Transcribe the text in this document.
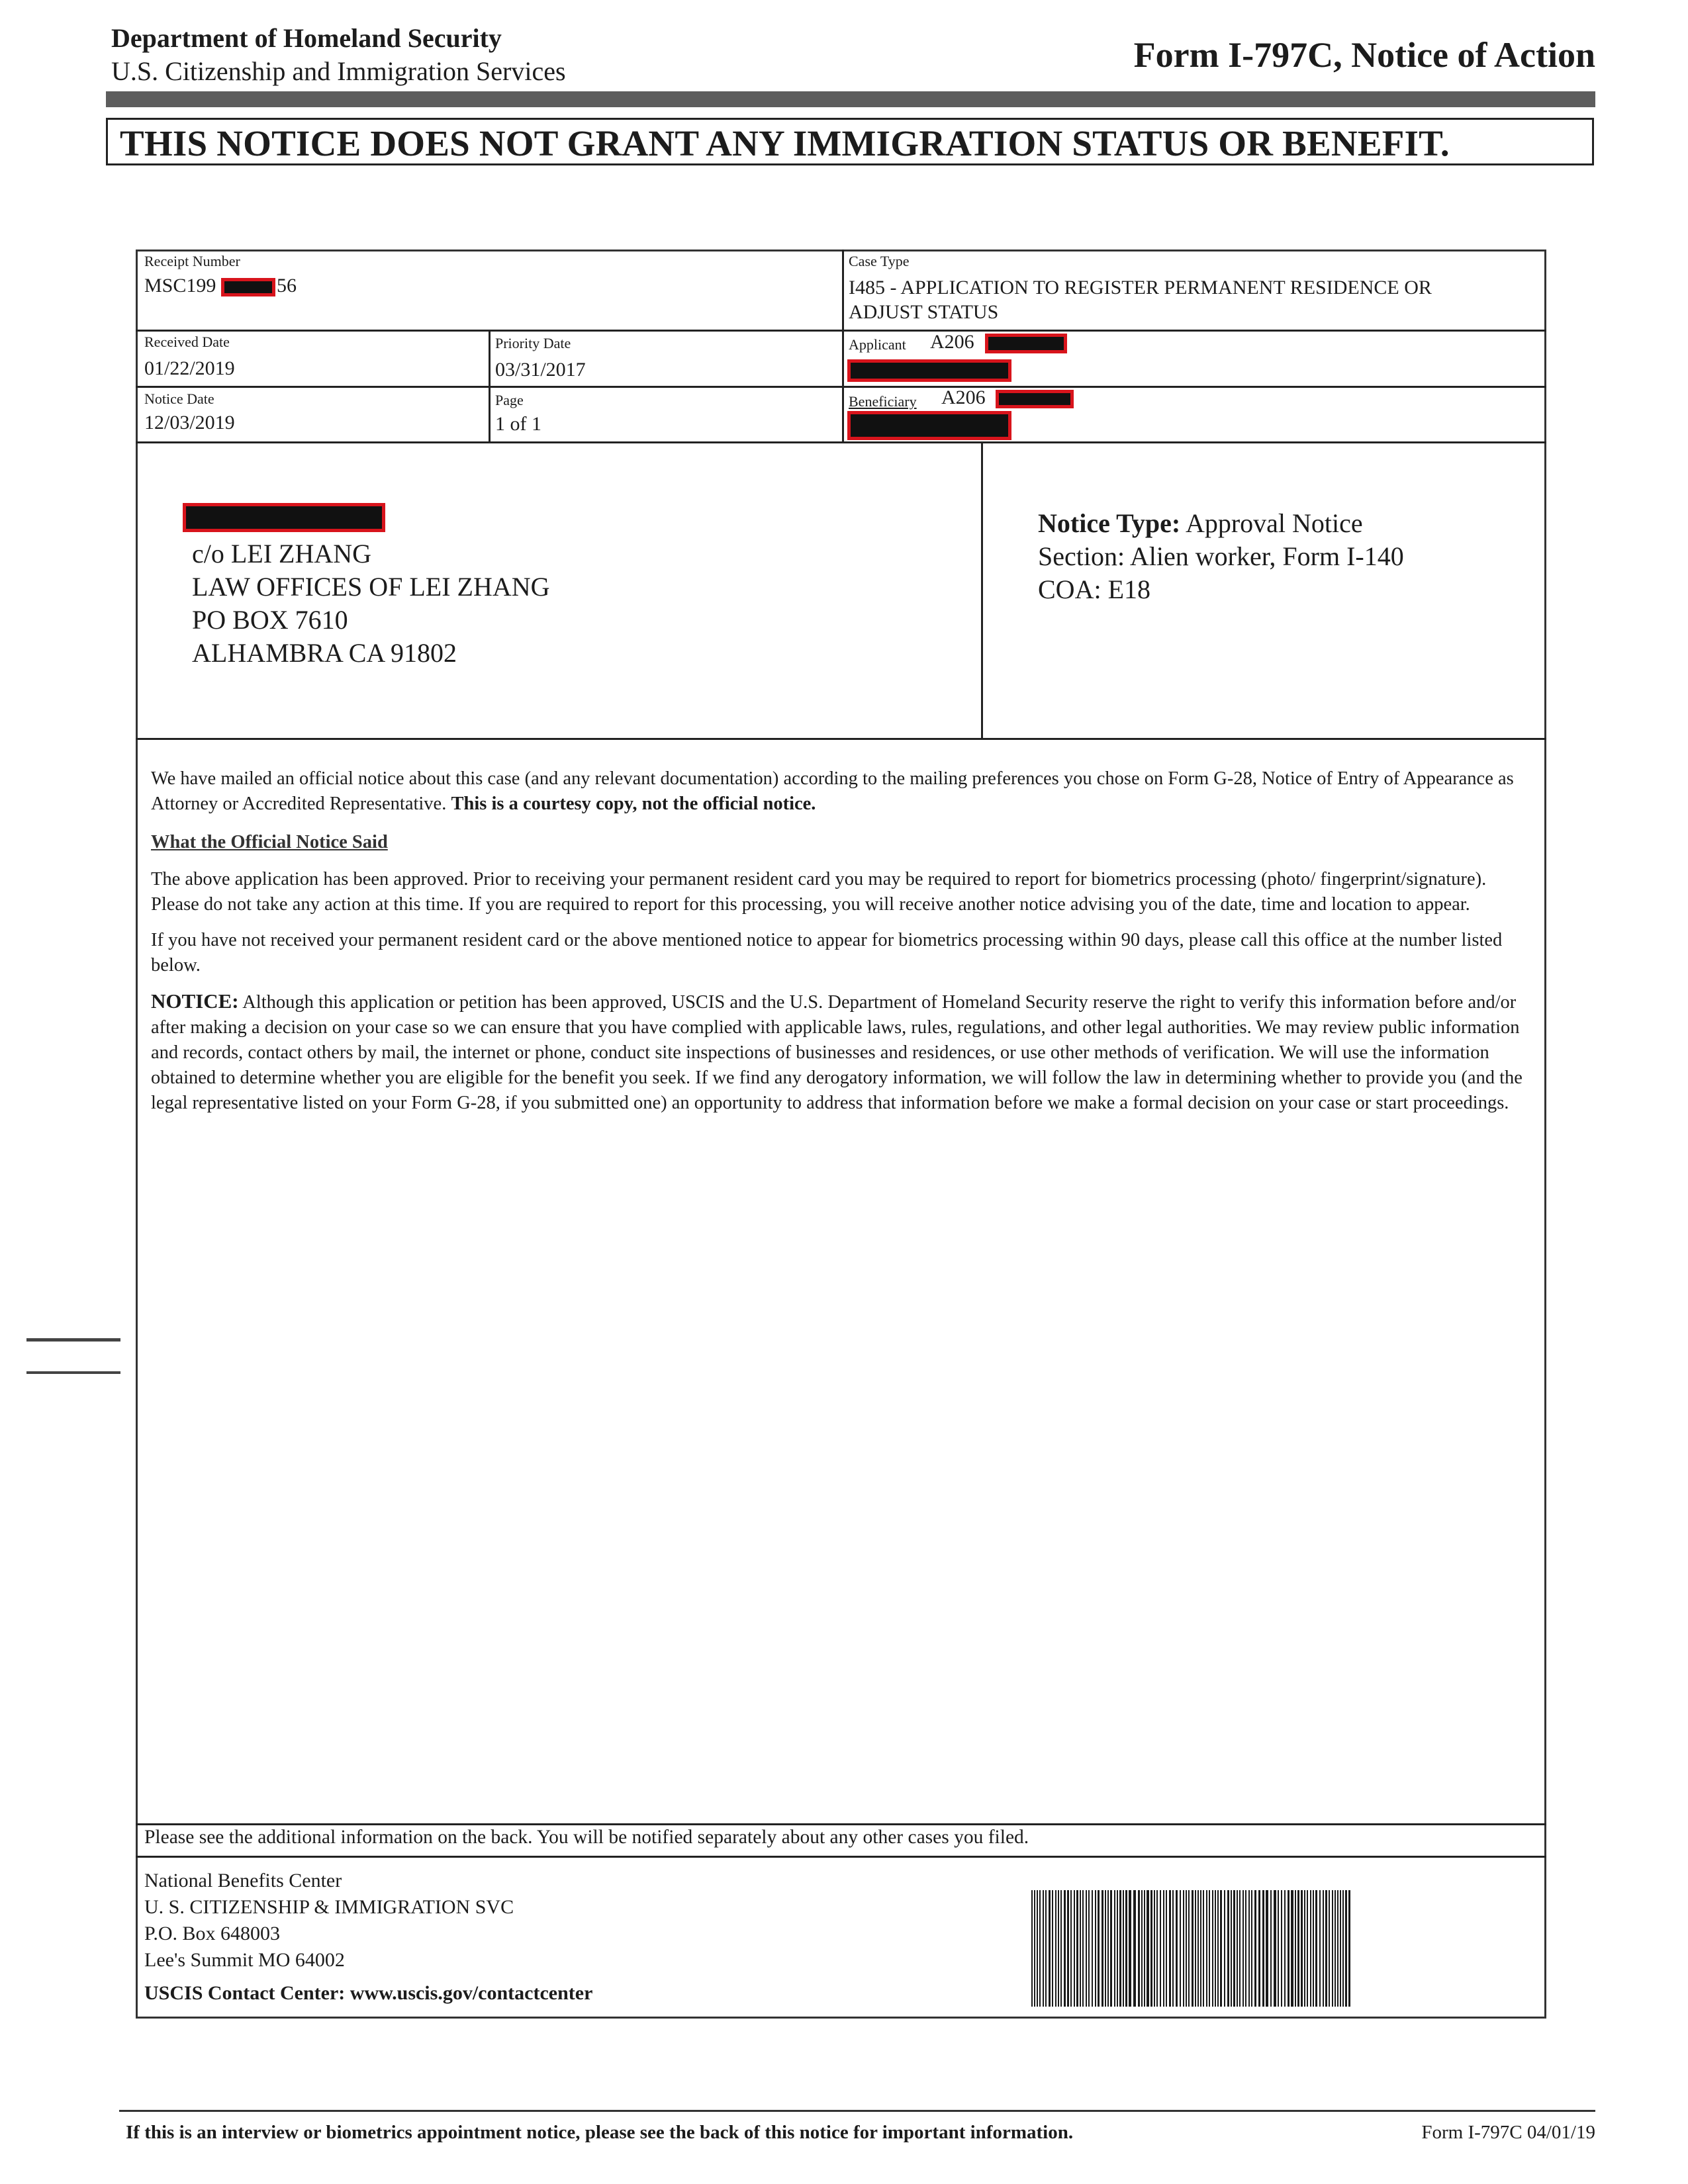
Department of Homeland Security
U.S. Citizenship and Immigration Services	Form I-797C, Notice of Action
THIS NOTICE DOES NOT GRANT ANY IMMIGRATION STATUS OR BENEFIT.
Receipt Number
MSC199	56
Case Type
I485 - APPLICATION TO REGISTER PERMANENT RESIDENCE OR
ADJUST STATUS
Received Date
01/22/2019
Priority Date
03/31/2017
Applicant A206
Notice Date
12/03/2019
Page
1 of 1
Beneficiary A206
c/o LEI ZHANG
LAW OFFICES OF LEI ZHANG
PO BOX 7610
ALHAMBRA CA 91802
Notice Type: Approval Notice
Section: Alien worker, Form I-140
COA: E18

We have mailed an official notice about this case (and any relevant documentation) according to the mailing preferences you chose on Form G-28, Notice of Entry of Appearance as Attorney or Accredited Representative. This is a courtesy copy, not the official notice.

What the Official Notice Said

The above application has been approved. Prior to receiving your permanent resident card you may be required to report for biometrics processing (photo/ fingerprint/signature). Please do not take any action at this time. If you are required to report for this processing, you will receive another notice advising you of the date, time and location to appear.

If you have not received your permanent resident card or the above mentioned notice to appear for biometrics processing within 90 days, please call this office at the number listed below.

NOTICE: Although this application or petition has been approved, USCIS and the U.S. Department of Homeland Security reserve the right to verify this information before and/or after making a decision on your case so we can ensure that you have complied with applicable laws, rules, regulations, and other legal authorities. We may review public information and records, contact others by mail, the internet or phone, conduct site inspections of businesses and residences, or use other methods of verification. We will use the information obtained to determine whether you are eligible for the benefit you seek. If we find any derogatory information, we will follow the law in determining whether to provide you (and the legal representative listed on your Form G-28, if you submitted one) an opportunity to address that information before we make a formal decision on your case or start proceedings.

Please see the additional information on the back. You will be notified separately about any other cases you filed.
National Benefits Center
U. S. CITIZENSHIP & IMMIGRATION SVC
P.O. Box 648003
Lee's Summit MO 64002
USCIS Contact Center: www.uscis.gov/contactcenter
If this is an interview or biometrics appointment notice, please see the back of this notice for important information.	Form I-797C 04/01/19
